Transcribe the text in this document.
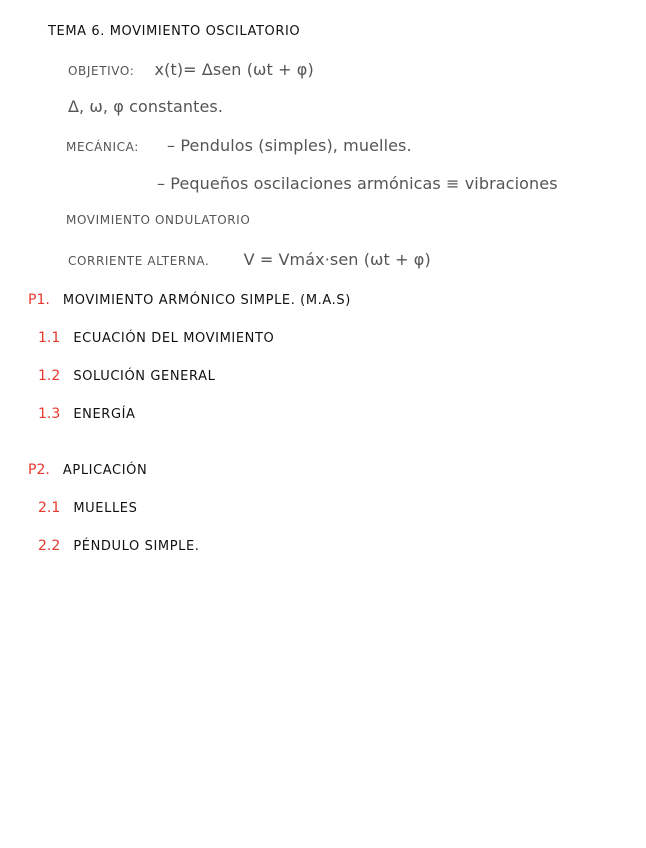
TEMA 6. MOVIMIENTO OSCILATORIO
OBJETIVO: x(t)= Δsen (ωt + φ)
Δ, ω, φ constantes.
MECÁNICA: – Pendulos (simples), muelles.
– Pequeños oscilaciones armónicas ≡ vibraciones
MOVIMIENTO ONDULATORIO
CORRIENTE ALTERNA. V = Vmáx·sen (ωt + φ)
P1. MOVIMIENTO ARMÓNICO SIMPLE. (M.A.S)
1.1 ECUACIÓN DEL MOVIMIENTO
1.2 SOLUCIÓN GENERAL
1.3 ENERGÍA
P2. APLICACIÓN
2.1 MUELLES
2.2 PÉNDULO SIMPLE.
